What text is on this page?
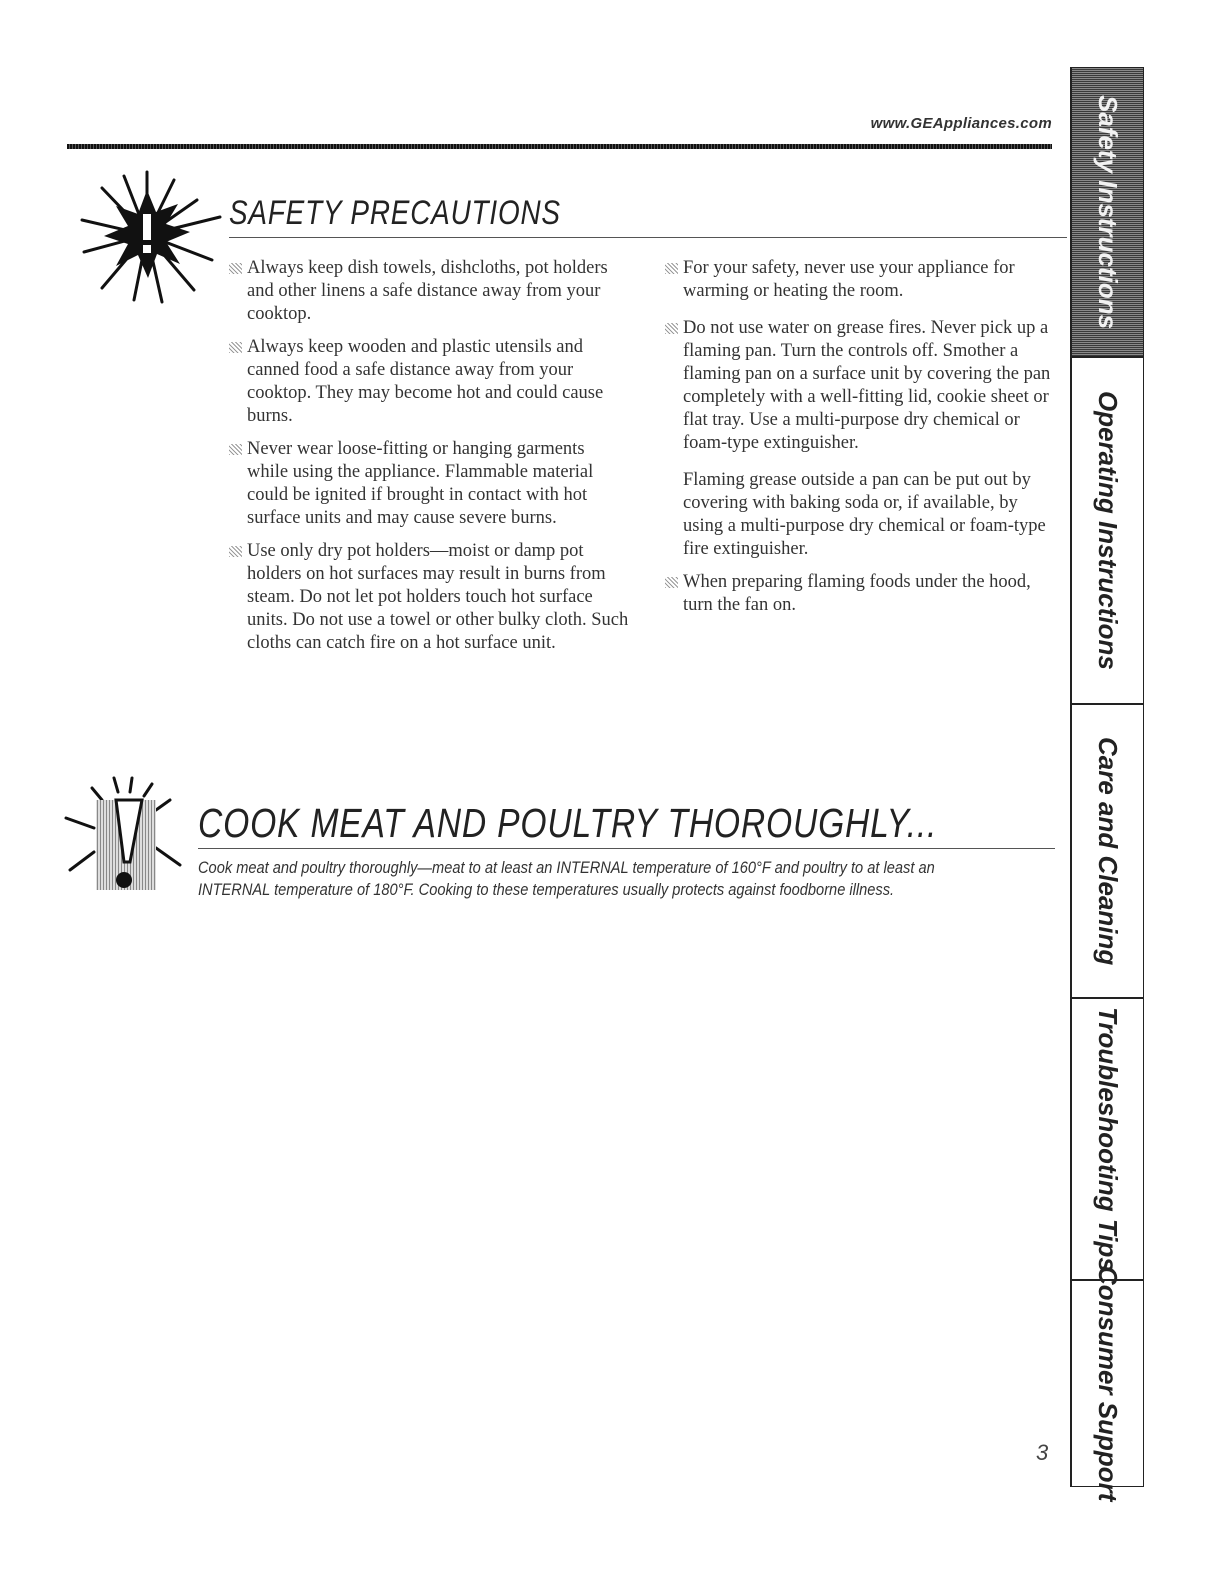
www.GEAppliances.com
SAFETY PRECAUTIONS
Always keep dish towels, dishcloths, pot holders and other linens a safe distance away from your cooktop.
Always keep wooden and plastic utensils and canned food a safe distance away from your cooktop. They may become hot and could cause burns.
Never wear loose-fitting or hanging garments while using the appliance. Flammable material could be ignited if brought in contact with hot surface units and may cause severe burns.
Use only dry pot holders—moist or damp pot holders on hot surfaces may result in burns from steam. Do not let pot holders touch hot surface units. Do not use a towel or other bulky cloth. Such cloths can catch fire on a hot surface unit.
For your safety, never use your appliance for warming or heating the room.
Do not use water on grease fires. Never pick up a flaming pan. Turn the controls off. Smother a flaming pan on a surface unit by covering the pan completely with a well-fitting lid, cookie sheet or flat tray. Use a multi-purpose dry chemical or foam-type extinguisher.
Flaming grease outside a pan can be put out by covering with baking soda or, if available, by using a multi-purpose dry chemical or foam-type fire extinguisher.
When preparing flaming foods under the hood, turn the fan on.
COOK MEAT AND POULTRY THOROUGHLY...
Cook meat and poultry thoroughly—meat to at least an INTERNAL temperature of 160°F and poultry to at least an INTERNAL temperature of 180°F. Cooking to these temperatures usually protects against foodborne illness.
3
Safety Instructions
Operating Instructions
Care and Cleaning
Troubleshooting Tips
Consumer Support
